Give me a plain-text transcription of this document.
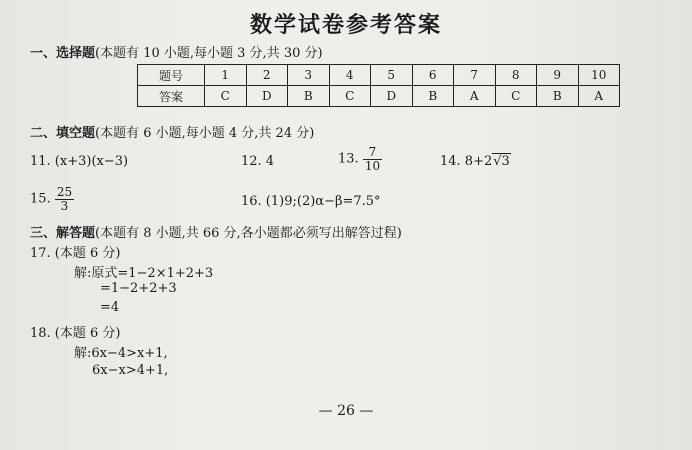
数学试卷参考答案
一、选择题(本题有 10 小题,每小题 3 分,共 30 分)
题号	1	2	3	4	5	6	7	8	9	10
答案	C	D	B	C	D	B	A	C	B	A
二、填空题(本题有 6 小题,每小题 4 分,共 24 分)
11. (x+3)(x−3)	12. 4	13. $\frac{7}{10}$	14. 8+2√3
15. $\frac{25}{3}$	16. (1)9;(2)α−β=7.5°
三、解答题(本题有 8 小题,共 66 分,各小题都必须写出解答过程)
17. (本题 6 分)
解:原式=1−2×1+2+3
=1−2+2+3
=4
18. (本题 6 分)
解:6x−4>x+1,
6x−x>4+1,
— 26 —
